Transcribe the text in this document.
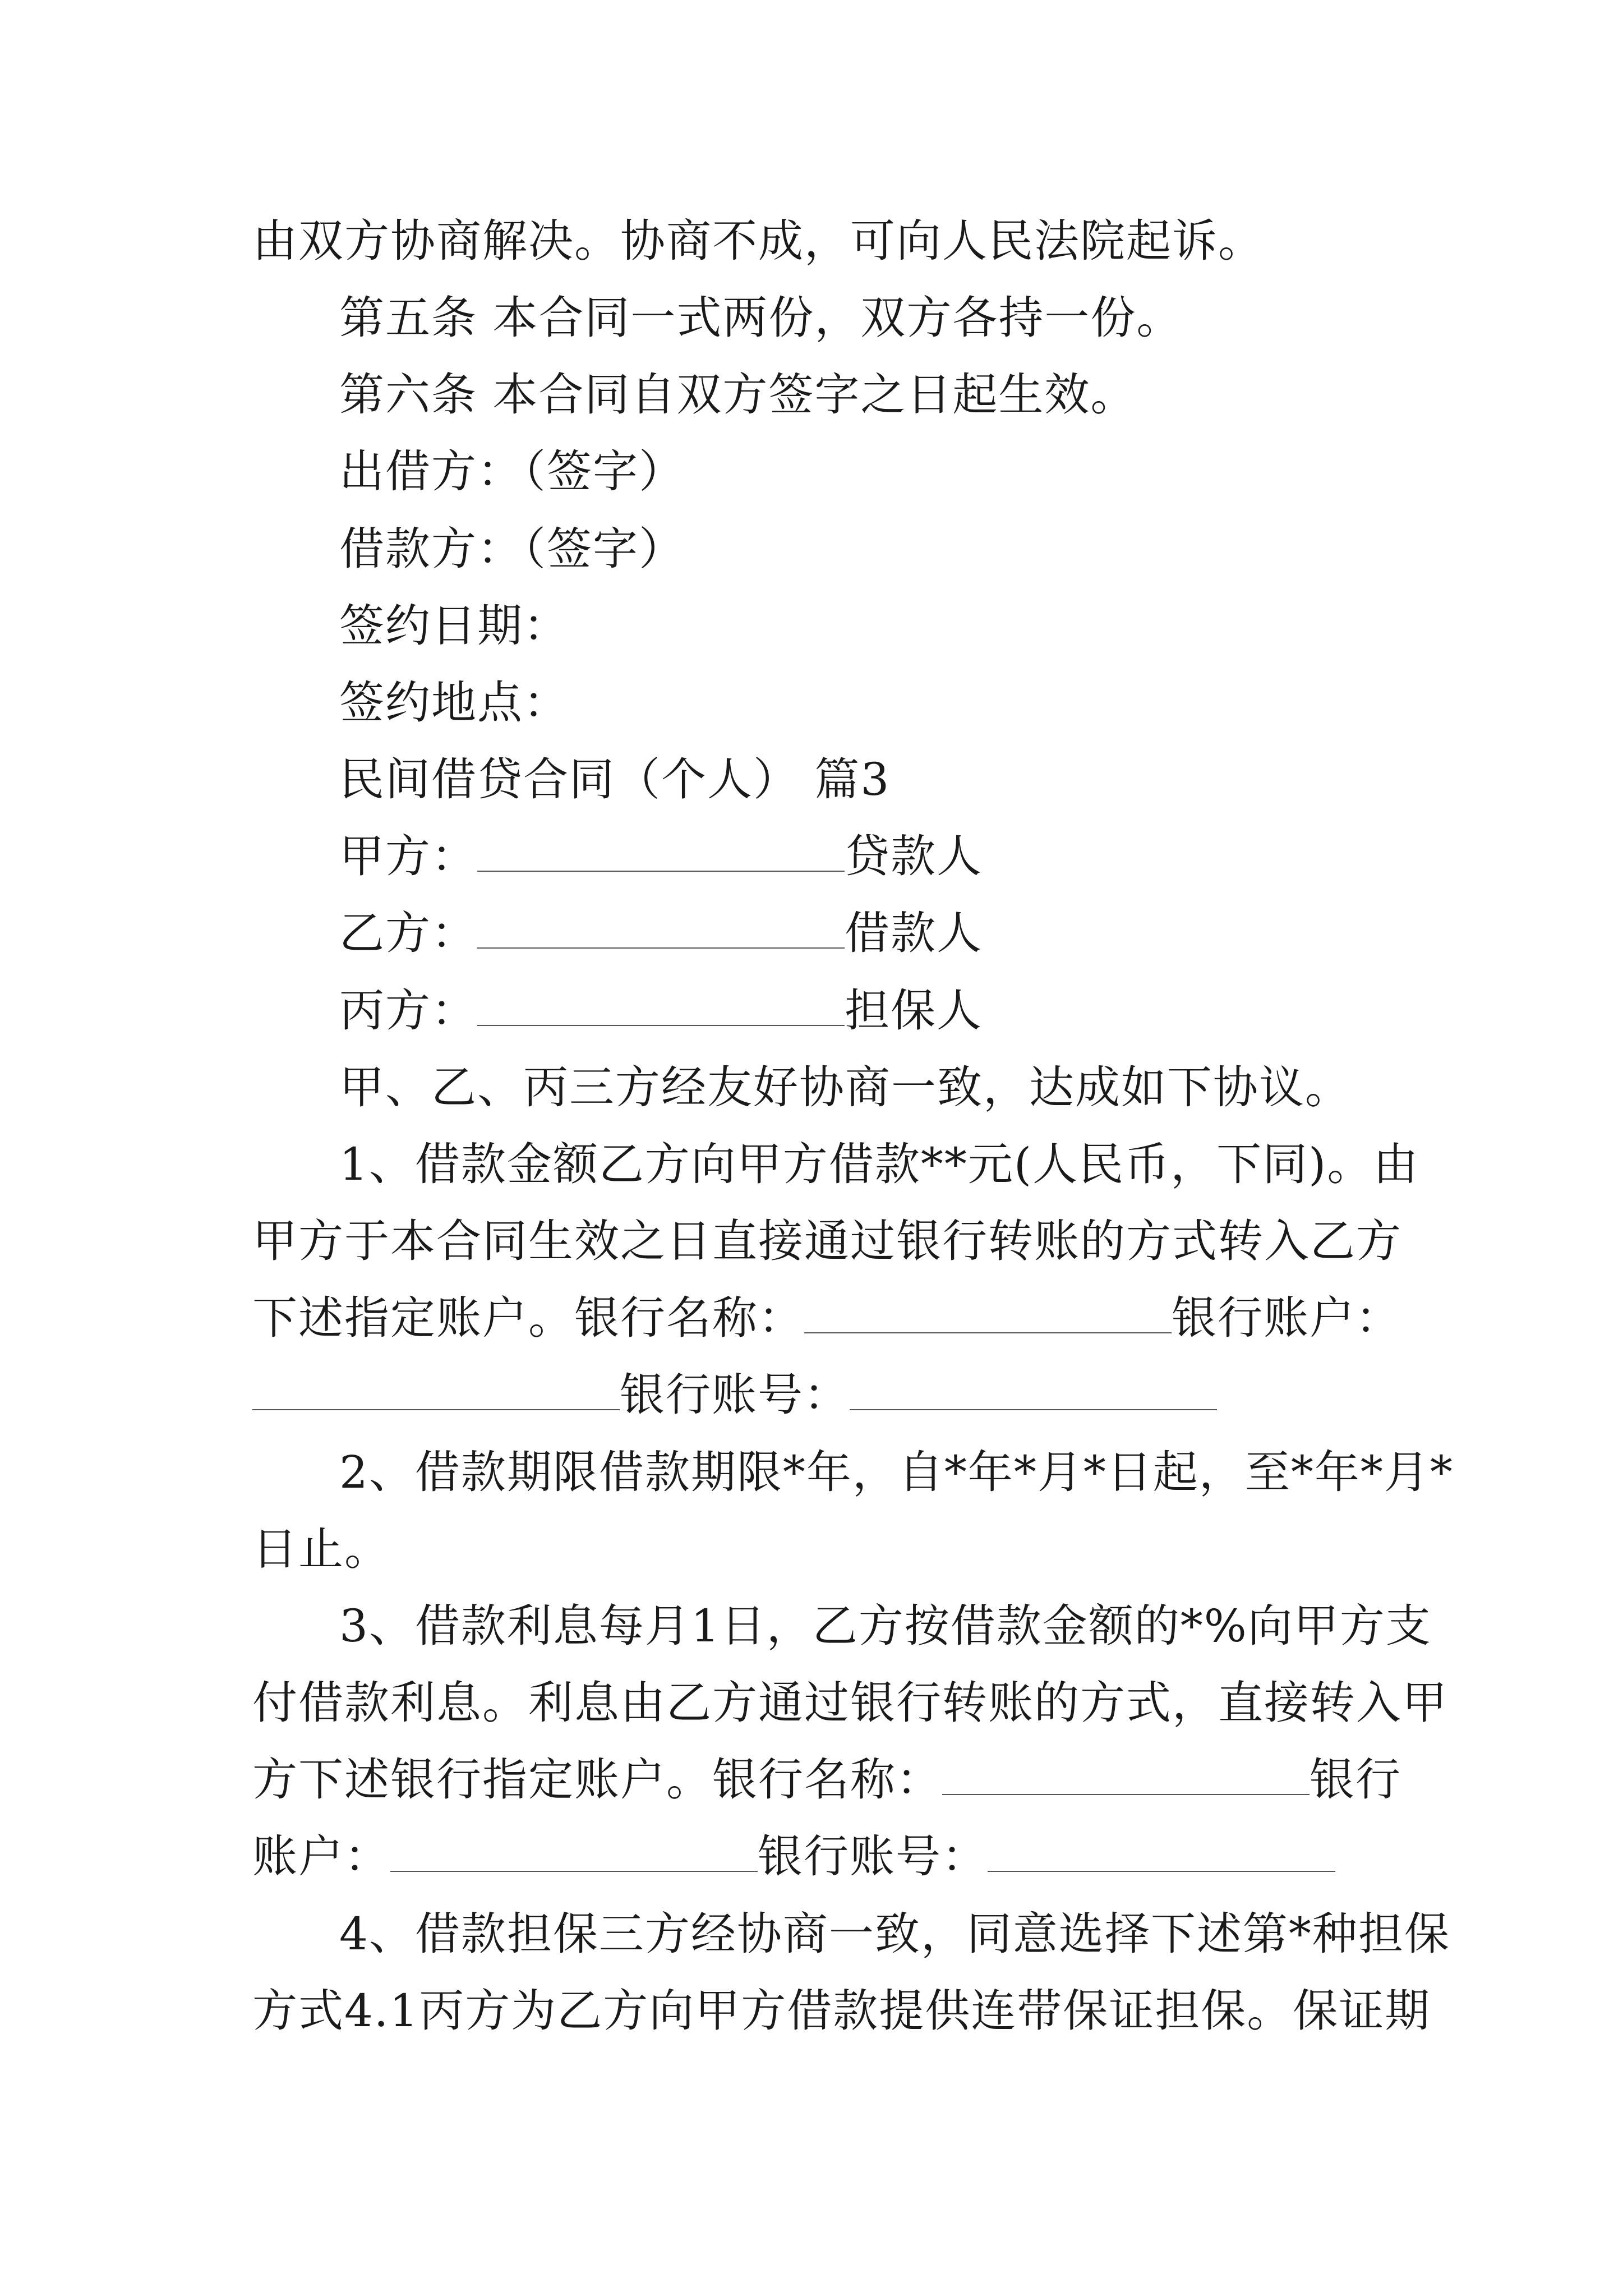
由双方协商解决。协商不成，可向人民法院起诉。
第五条 本合同一式两份，双方各持一份。
第六条 本合同自双方签字之日起生效。
出借方：（签字）
借款方：（签字）
签约日期：
签约地点：
民间借贷合同（个人） 篇3
甲方：	贷款人
乙方：	借款人
丙方：	担保人
甲、乙、丙三方经友好协商一致，达成如下协议。
1、借款金额乙方向甲方借款**元(人民币，下同)。由
甲方于本合同生效之日直接通过银行转账的方式转入乙方
下述指定账户。银行名称：	银行账户：
银行账号：
2、借款期限借款期限*年，自*年*月*日起，至*年*月*
日止。
3、借款利息每月1日，乙方按借款金额的*%向甲方支
付借款利息。利息由乙方通过银行转账的方式，直接转入甲
方下述银行指定账户。银行名称：	银行
账户：	银行账号：
4、借款担保三方经协商一致，同意选择下述第*种担保
方式4.1丙方为乙方向甲方借款提供连带保证担保。保证期
